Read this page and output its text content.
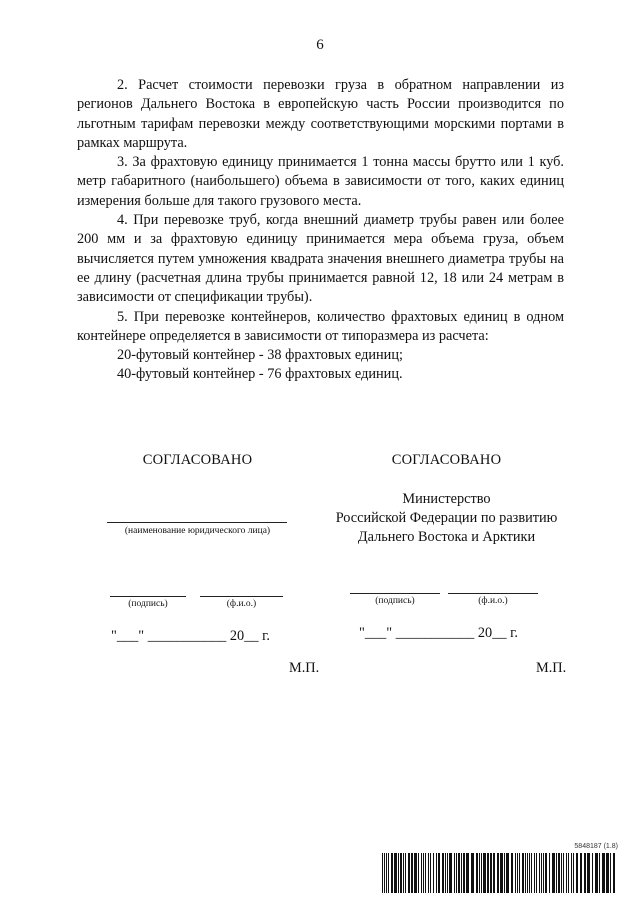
6

2. Расчет стоимости перевозки груза в обратном направлении из регионов Дальнего Востока в европейскую часть России производится по льготным тарифам перевозки между соответствующими морскими портами в рамках маршрута.

3. За фрахтовую единицу принимается 1 тонна массы брутто или 1 куб. метр габаритного (наибольшего) объема в зависимости от того, каких единиц измерения больше для такого грузового места.

4. При перевозке труб, когда внешний диаметр трубы равен или более 200 мм и за фрахтовую единицу принимается мера объема груза, объем вычисляется путем умножения квадрата значения внешнего диаметра трубы на ее длину (расчетная длина трубы принимается равной 12, 18 или 24 метрам в зависимости от спецификации трубы).

5. При перевозке контейнеров, количество фрахтовых единиц в одном контейнере определяется в зависимости от типоразмера из расчета:

20-футовый контейнер - 38 фрахтовых единиц;

40-футовый контейнер - 76 фрахтовых единиц.

СОГЛАСОВАНО
(наименование юридического лица)
(подпись)	(ф.и.о.)
"___" ___________ 20__ г.
М.П.
СОГЛАСОВАНО
Министерство
Российской Федерации по развитию
Дальнего Востока и Арктики
(подпись)	(ф.и.о.)
"___" ___________ 20__ г.
М.П.
5848187 (1.8)
